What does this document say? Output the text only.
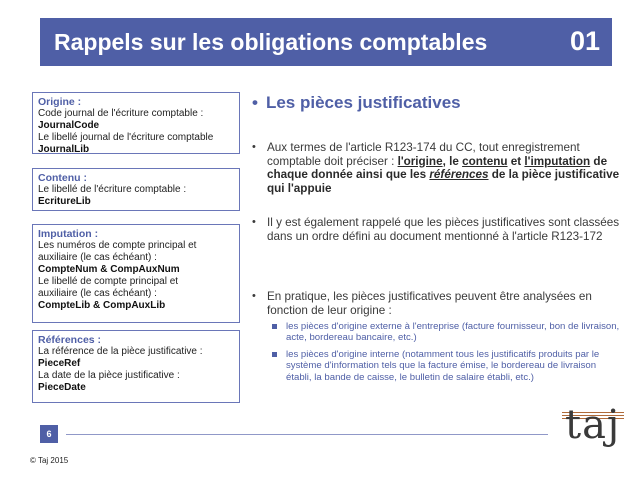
Rappels sur les obligations comptables	01
Origine :
Code journal de l'écriture comptable :
JournalCode
Le libellé journal de l'écriture comptable
JournalLib
Contenu :
Le libellé de l'écriture comptable :
EcritureLib
Imputation :
Les numéros de compte principal et
auxiliaire (le cas échéant) :
CompteNum & CompAuxNum
Le libellé de compte principal et
auxiliaire (le cas échéant) :
CompteLib & CompAuxLib
Références :
La référence de la pièce justificative :
PieceRef
La date de la pièce justificative :
PieceDate
• Les pièces justificatives
• Aux termes de l'article R123-174 du CC, tout enregistrement comptable doit préciser : l'origine, le contenu et l'imputation de chaque donnée ainsi que les références de la pièce justificative qui l'appuie
• Il y est également rappelé que les pièces justificatives sont classées dans un ordre défini au document mentionné à l'article R123-172
• En pratique, les pièces justificatives peuvent être analysées en fonction de leur origine :
les pièces d'origine externe à l'entreprise (facture fournisseur, bon de livraison, acte, bordereau bancaire, etc.)
les pièces d'origine interne (notamment tous les justificatifs produits par le système d'information tels que la facture émise, le bordereau de livraison établi, la bande de caisse, le bulletin de salaire établi, etc.)
6
© Taj 2015
taj
